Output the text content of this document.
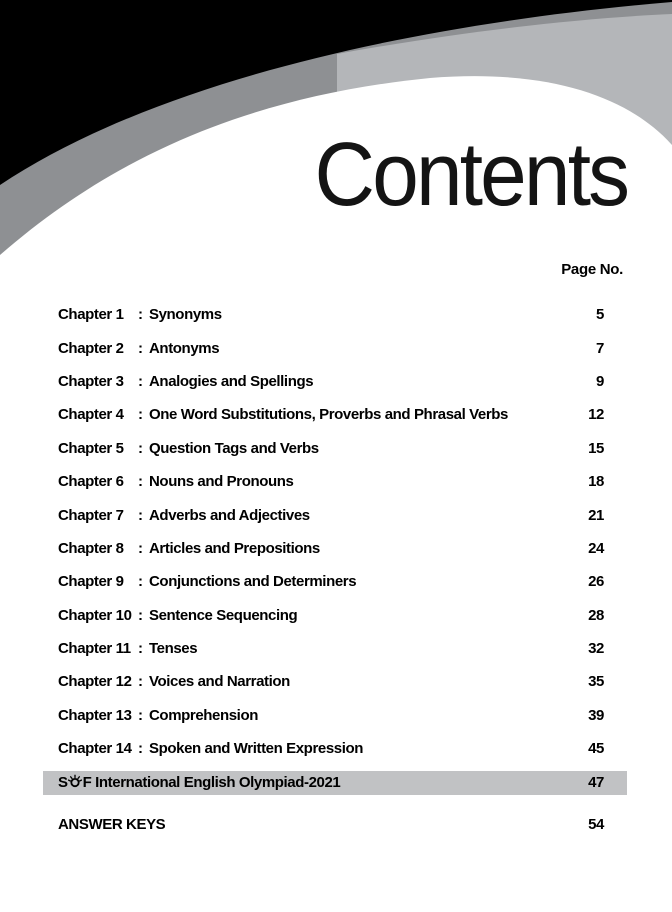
Contents
Page No.
Chapter 1 : Synonyms	5
Chapter 2 : Antonyms	7
Chapter 3 : Analogies and Spellings	9
Chapter 4 : One Word Substitutions, Proverbs and Phrasal Verbs	12
Chapter 5 : Question Tags and Verbs	15
Chapter 6 : Nouns and Pronouns	18
Chapter 7 : Adverbs and Adjectives	21
Chapter 8 : Articles and Prepositions	24
Chapter 9 : Conjunctions and Determiners	26
Chapter 10 : Sentence Sequencing	28
Chapter 11 : Tenses	32
Chapter 12 : Voices and Narration	35
Chapter 13 : Comprehension	39
Chapter 14 : Spoken and Written Expression	45
S F International English Olympiad-2021	47
ANSWER KEYS	54
